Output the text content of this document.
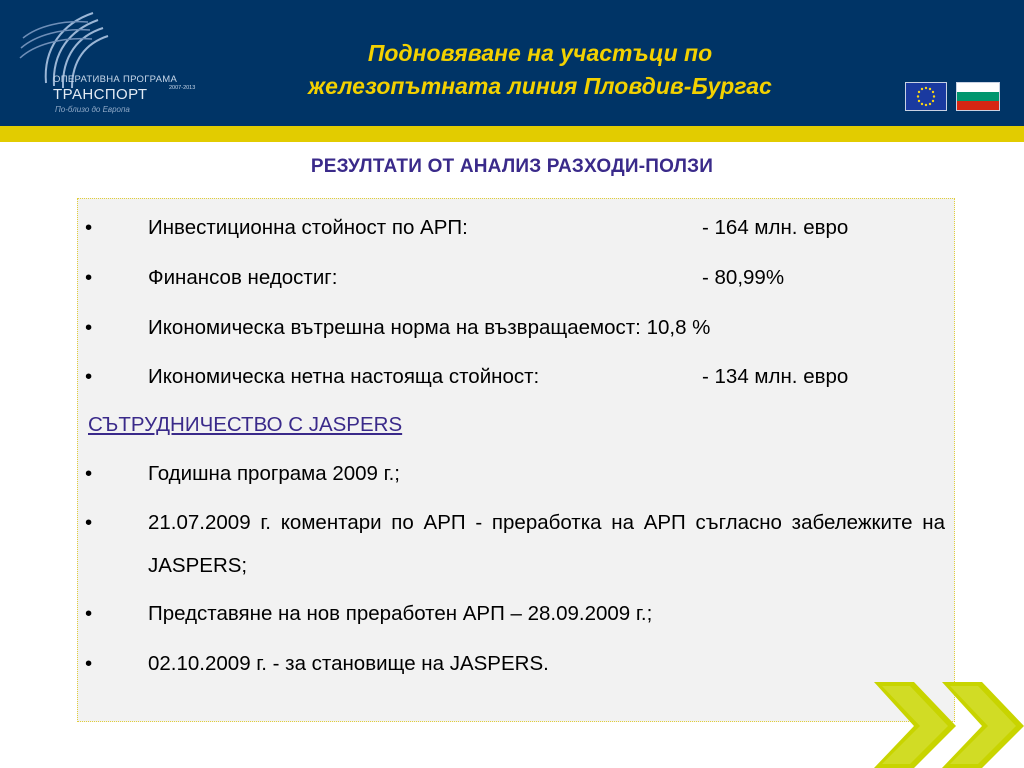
ОПЕРАТИВНА ПРОГРАМА
ТРАНСПОРТ	2007-2013
По-близо до Европа
Подновяване на участъци по
железопътната линия Пловдив-Бургас
РЕЗУЛТАТИ ОТ АНАЛИЗ РАЗХОДИ-ПОЛЗИ
•	Инвестиционна стойност по АРП:	- 164 млн. евро
•	Финансов недостиг:	- 80,99%
•	Икономическа вътрешна норма на възвращаемост: 10,8 %
•	Икономическа нетна настояща стойност:	- 134 млн. евро
СЪТРУДНИЧЕСТВО С JASPERS
•	Годишна програма 2009 г.;
•	21.07.2009 г. коментари по АРП - преработка на АРП съгласно забележките на JASPERS;
•	Представяне на нов преработен АРП – 28.09.2009 г.;
•	02.10.2009 г. - за становище на JASPERS.
